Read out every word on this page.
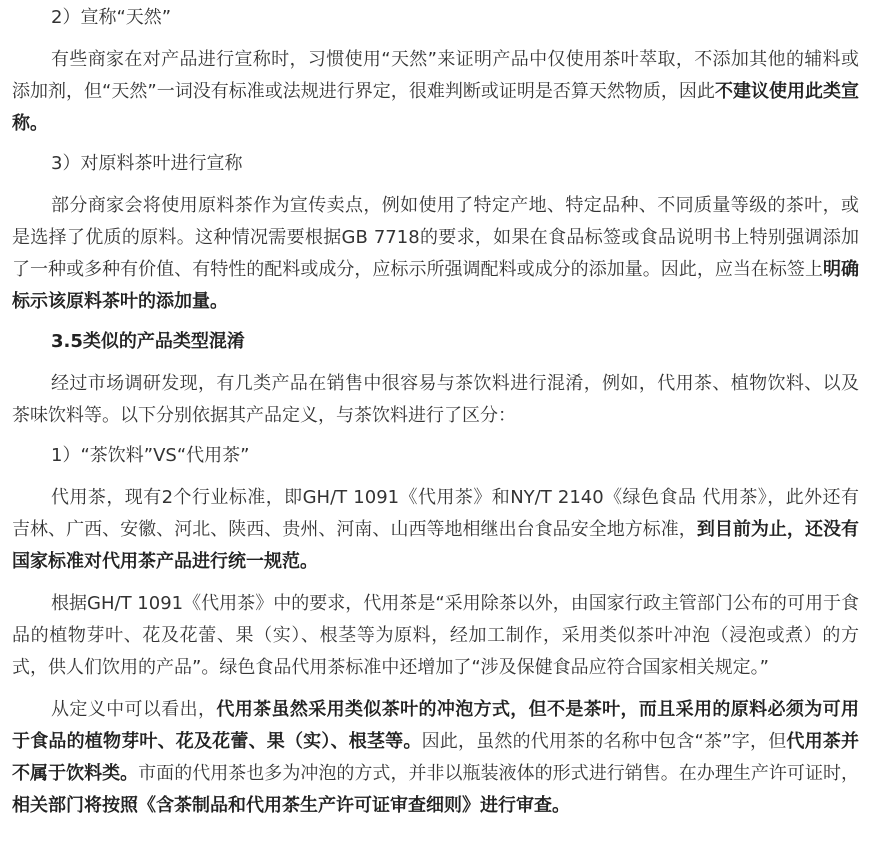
2）宣称“天然”

有些商家在对产品进行宣称时，习惯使用“天然”来证明产品中仅使用茶叶萃取，不添加其他的辅料或添加剂，但“天然”一词没有标准或法规进行界定，很难判断或证明是否算天然物质，因此不建议使用此类宣称。

3）对原料茶叶进行宣称

部分商家会将使用原料茶作为宣传卖点，例如使用了特定产地、特定品种、不同质量等级的茶叶，或是选择了优质的原料。这种情况需要根据GB 7718的要求，如果在食品标签或食品说明书上特别强调添加了一种或多种有价值、有特性的配料或成分，应标示所强调配料或成分的添加量。因此，应当在标签上明确标示该原料茶叶的添加量。

3.5类似的产品类型混淆

经过市场调研发现，有几类产品在销售中很容易与茶饮料进行混淆，例如，代用茶、植物饮料、以及茶味饮料等。以下分别依据其产品定义，与茶饮料进行了区分：

1）“茶饮料”VS“代用茶”

代用茶，现有2个行业标准，即GH/T 1091《代用茶》和NY/T 2140《绿色食品 代用茶》，此外还有吉林、广西、安徽、河北、陕西、贵州、河南、山西等地相继出台食品安全地方标准，到目前为止，还没有国家标准对代用茶产品进行统一规范。

根据GH/T 1091《代用茶》中的要求，代用茶是“采用除茶以外，由国家行政主管部门公布的可用于食品的植物芽叶、花及花蕾、果（实）、根茎等为原料，经加工制作，采用类似茶叶冲泡（浸泡或煮）的方式，供人们饮用的产品”。绿色食品代用茶标准中还增加了“涉及保健食品应符合国家相关规定。”

从定义中可以看出，代用茶虽然采用类似茶叶的冲泡方式，但不是茶叶，而且采用的原料必须为可用于食品的植物芽叶、花及花蕾、果（实）、根茎等。因此，虽然的代用茶的名称中包含“茶”字，但代用茶并不属于饮料类。市面的代用茶也多为冲泡的方式，并非以瓶装液体的形式进行销售。在办理生产许可证时，相关部门将按照《含茶制品和代用茶生产许可证审查细则》进行审查。
